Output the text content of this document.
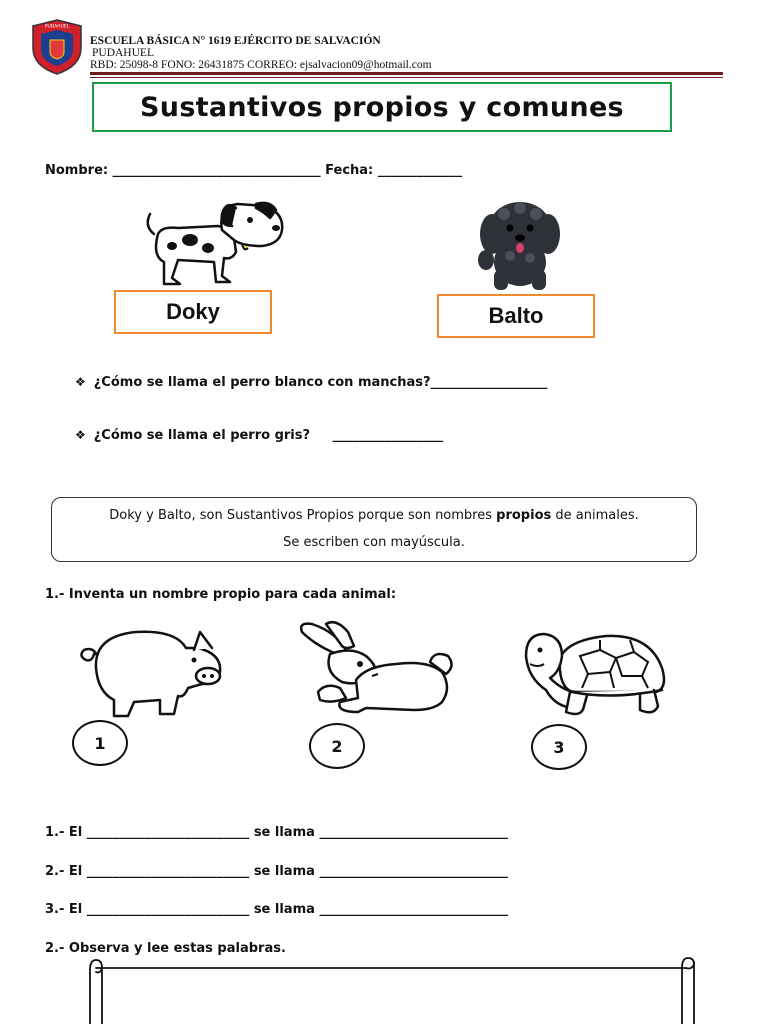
PUDAHUEL
ESCUELA BÁSICA N° 1619 EJÉRCITO DE SALVACIÓN
PUDAHUEL
RBD: 25098-8 FONO: 26431875 CORREO: ejsalvacion09@hotmail.com
Sustantivos propios y comunes
Nombre: ________________________________ Fecha: _____________
Doky	Balto
❖ ¿Cómo se llama el perro blanco con manchas?__________________
❖ ¿Cómo se llama el perro gris?     _________________
Doky y Balto, son Sustantivos Propios porque son nombres propios de animales.
Se escriben con mayúscula.
1.- Inventa un nombre propio para cada animal:
1	2	3
1.- El _________________________ se llama _____________________________
2.- El _________________________ se llama _____________________________
3.- El _________________________ se llama _____________________________
2.- Observa y lee estas palabras.
